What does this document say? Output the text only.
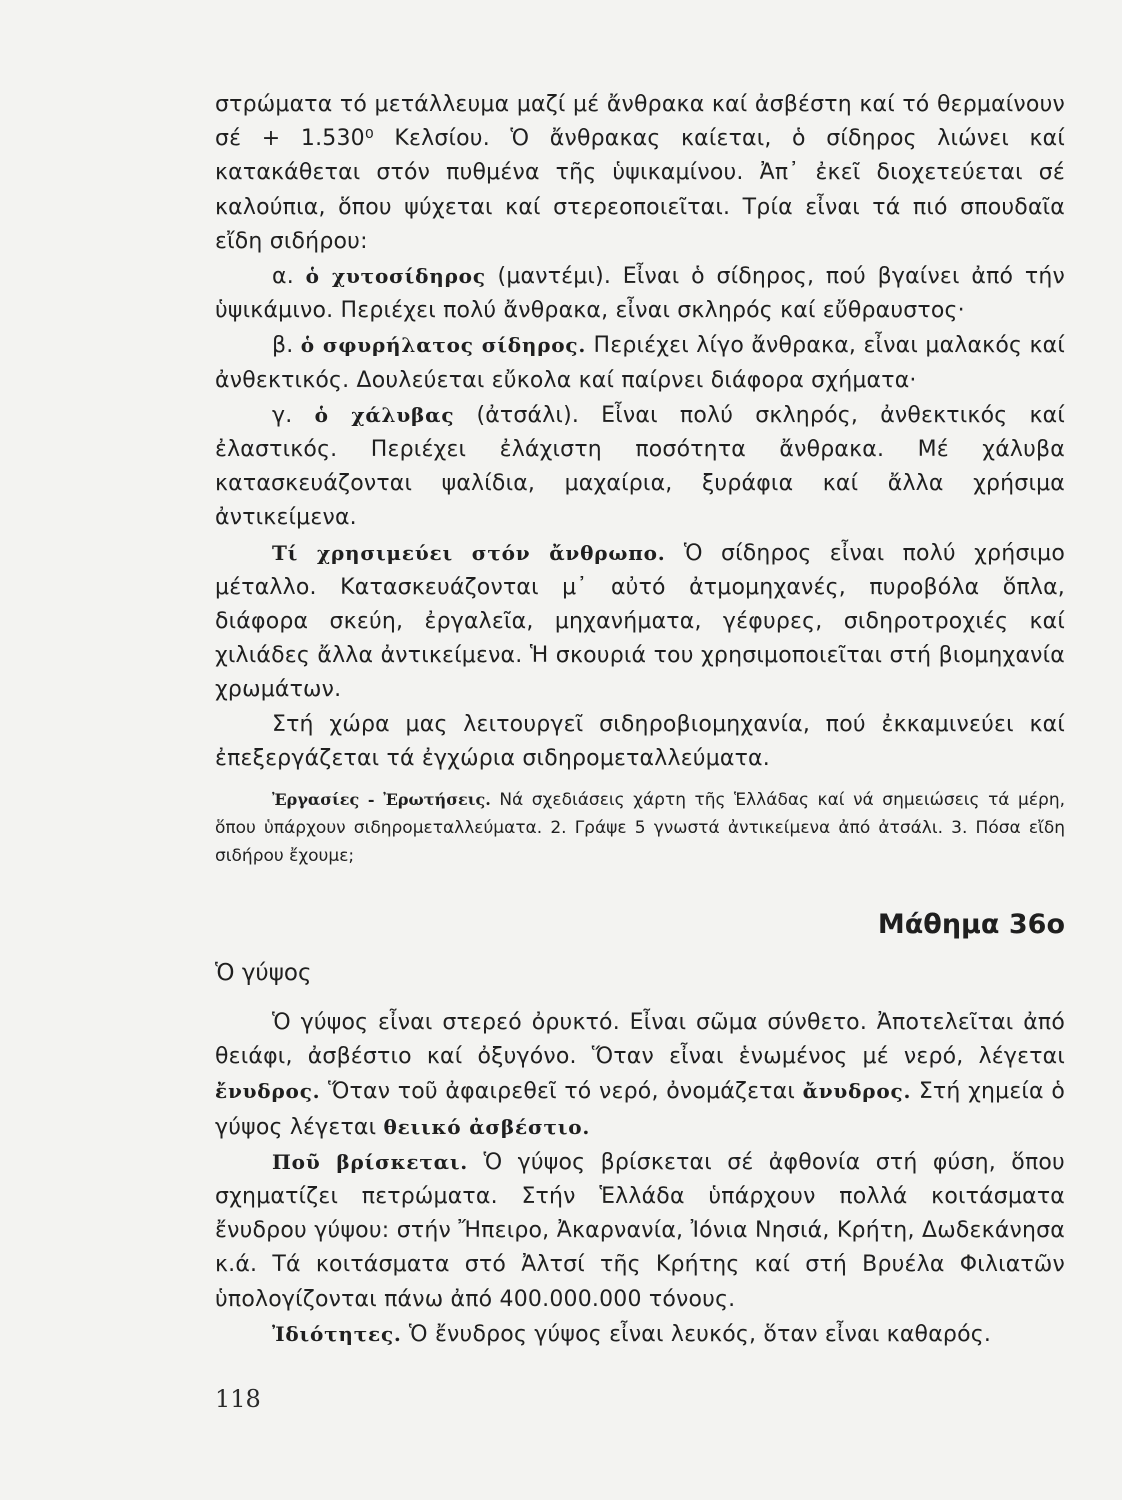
στρώματα τό μετάλλευμα μαζί μέ ἄνθρακα καί ἀσβέστη καί τό θερμαίνουν σέ + 1.530⁰ Κελσίου. Ὁ ἄνθρακας καίεται, ὁ σίδηρος λιώνει καί κατακάθεται στόν πυθμένα τῆς ὑψικαμίνου. Ἀπ᾿ ἐκεῖ διοχετεύεται σέ καλούπια, ὅπου ψύχεται καί στερεοποιεῖται. Τρία εἶναι τά πιό σπουδαῖα εἴδη σιδήρου:

α. ὁ χυτοσίδηρος (μαντέμι). Εἶναι ὁ σίδηρος, πού βγαίνει ἀπό τήν ὑψικάμινο. Περιέχει πολύ ἄνθρακα, εἶναι σκληρός καί εὔθραυστος·

β. ὁ σφυρήλατος σίδηρος. Περιέχει λίγο ἄνθρακα, εἶναι μαλακός καί ἀνθεκτικός. Δουλεύεται εὔκολα καί παίρνει διάφορα σχήματα·

γ. ὁ χάλυβας (ἀτσάλι). Εἶναι πολύ σκληρός, ἀνθεκτικός καί ἐλαστικός. Περιέχει ἐλάχιστη ποσότητα ἄνθρακα. Μέ χάλυβα κατασκευάζονται ψαλίδια, μαχαίρια, ξυράφια καί ἄλλα χρήσιμα ἀντικείμενα.

Τί χρησιμεύει στόν ἄνθρωπο. Ὁ σίδηρος εἶναι πολύ χρήσιμο μέταλλο. Κατασκευάζονται μ᾿ αὐτό ἀτμομηχανές, πυροβόλα ὅπλα, διάφορα σκεύη, ἐργαλεῖα, μηχανήματα, γέφυρες, σιδηροτροχιές καί χιλιάδες ἄλλα ἀντικείμενα. Ἡ σκουριά του χρησιμοποιεῖται στή βιομηχανία χρωμάτων.

Στή χώρα μας λειτουργεῖ σιδηροβιομηχανία, πού ἐκκαμινεύει καί ἐπεξεργάζεται τά ἐγχώρια σιδηρομεταλλεύματα.

Ἐργασίες - Ἐρωτήσεις. Νά σχεδιάσεις χάρτη τῆς Ἑλλάδας καί νά σημειώσεις τά μέρη, ὅπου ὑπάρχουν σιδηρομεταλλεύματα. 2. Γράψε 5 γνωστά ἀντικείμενα ἀπό ἀτσάλι. 3. Πόσα εἴδη σιδήρου ἔχουμε;

Μάθημα 36ο
Ὁ γύψος

Ὁ γύψος εἶναι στερεό ὀρυκτό. Εἶναι σῶμα σύνθετο. Ἀποτελεῖται ἀπό θειάφι, ἀσβέστιο καί ὀξυγόνο. Ὅταν εἶναι ἑνωμένος μέ νερό, λέγεται ἔνυδρος. Ὅταν τοῦ ἀφαιρεθεῖ τό νερό, ὀνομάζεται ἄνυδρος. Στή χημεία ὁ γύψος λέγεται θειικό ἀσβέστιο.

Ποῦ βρίσκεται. Ὁ γύψος βρίσκεται σέ ἀφθονία στή φύση, ὅπου σχηματίζει πετρώματα. Στήν Ἑλλάδα ὑπάρχουν πολλά κοιτάσματα ἔνυδρου γύψου: στήν Ἤπειρο, Ἀκαρνανία, Ἰόνια Νησιά, Κρήτη, Δωδεκάνησα κ.ά. Τά κοιτάσματα στό Ἀλτσί τῆς Κρήτης καί στή Βρυέλα Φιλιατῶν ὑπολογίζονται πάνω ἀπό 400.000.000 τόνους.

Ἰδιότητες. Ὁ ἔνυδρος γύψος εἶναι λευκός, ὅταν εἶναι καθαρός.

118
